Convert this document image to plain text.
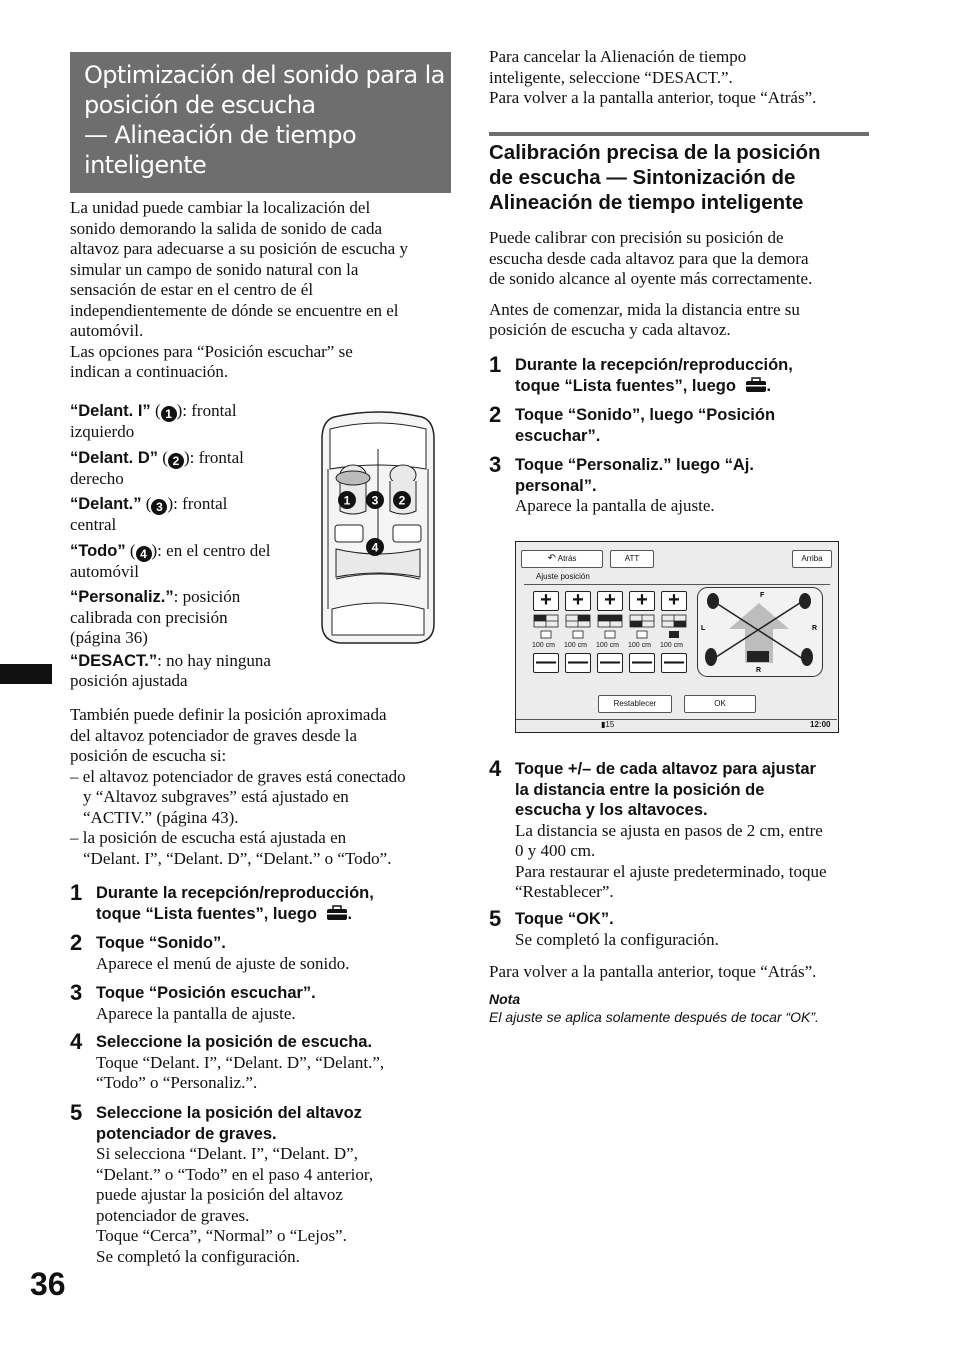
Optimización del sonido para la
posición de escucha
— Alineación de tiempo
inteligente
La unidad puede cambiar la localización del
sonido demorando la salida de sonido de cada
altavoz para adecuarse a su posición de escucha y
simular un campo de sonido natural con la
sensación de estar en el centro de él
independientemente de dónde se encuentre en el
automóvil.
Las opciones para “Posición escuchar” se
indican a continuación.
“Delant. I” ( 1 ): frontal
izquierdo
“Delant. D” ( 2 ): frontal
derecho
“Delant.” ( 3 ): frontal
central
“Todo” ( 4 ): en el centro del
automóvil
“Personaliz.”: posición
calibrada con precisión
(página 36)
“DESACT.”: no hay ninguna
posición ajustada
1 3 2
4
También puede definir la posición aproximada
del altavoz potenciador de graves desde la
posición de escucha si:
– el altavoz potenciador de graves está conectado
y “Altavoz subgraves” está ajustado en
“ACTIV.” (página 43).
– la posición de escucha está ajustada en
“Delant. I”, “Delant. D”, “Delant.” o “Todo”.
1 Durante la recepción/reproducción,
toque “Lista fuentes”, luego .
2 Toque “Sonido”.
Aparece el menú de ajuste de sonido.
3 Toque “Posición escuchar”.
Aparece la pantalla de ajuste.
4 Seleccione la posición de escucha.
Toque “Delant. I”, “Delant. D”, “Delant.”,
“Todo” o “Personaliz.”.
5 Seleccione la posición del altavoz
potenciador de graves.
Si selecciona “Delant. I”, “Delant. D”,
“Delant.” o “Todo” en el paso 4 anterior,
puede ajustar la posición del altavoz
potenciador de graves.
Toque “Cerca”, “Normal” o “Lejos”.
Se completó la configuración.
36
Para cancelar la Alienación de tiempo
inteligente, seleccione “DESACT.”.
Para volver a la pantalla anterior, toque “Atrás”.
Calibración precisa de la posición
de escucha — Sintonización de
Alineación de tiempo inteligente
Puede calibrar con precisión su posición de
escucha desde cada altavoz para que la demora
de sonido alcance al oyente más correctamente.
Antes de comenzar, mida la distancia entre su
posición de escucha y cada altavoz.
1 Durante la recepción/reproducción,
toque “Lista fuentes”, luego .
2 Toque “Sonido”, luego “Posición
escuchar”.
3 Toque “Personaliz.” luego “Aj.
personal”.
Aparece la pantalla de ajuste.
↶ Atrás	ATT	Arriba
Ajuste posición
+	+	+	+	+
100 cm 100 cm 100 cm 100 cm 100 cm
— — — — —
F
L	R
R
Restablecer	OK
▮15	12:00
4 Toque +/– de cada altavoz para ajustar
la distancia entre la posición de
escucha y los altavoces.
La distancia se ajusta en pasos de 2 cm, entre
0 y 400 cm.
Para restaurar el ajuste predeterminado, toque
“Restablecer”.
5 Toque “OK”.
Se completó la configuración.
Para volver a la pantalla anterior, toque “Atrás”.
Nota
El ajuste se aplica solamente después de tocar “OK”.
